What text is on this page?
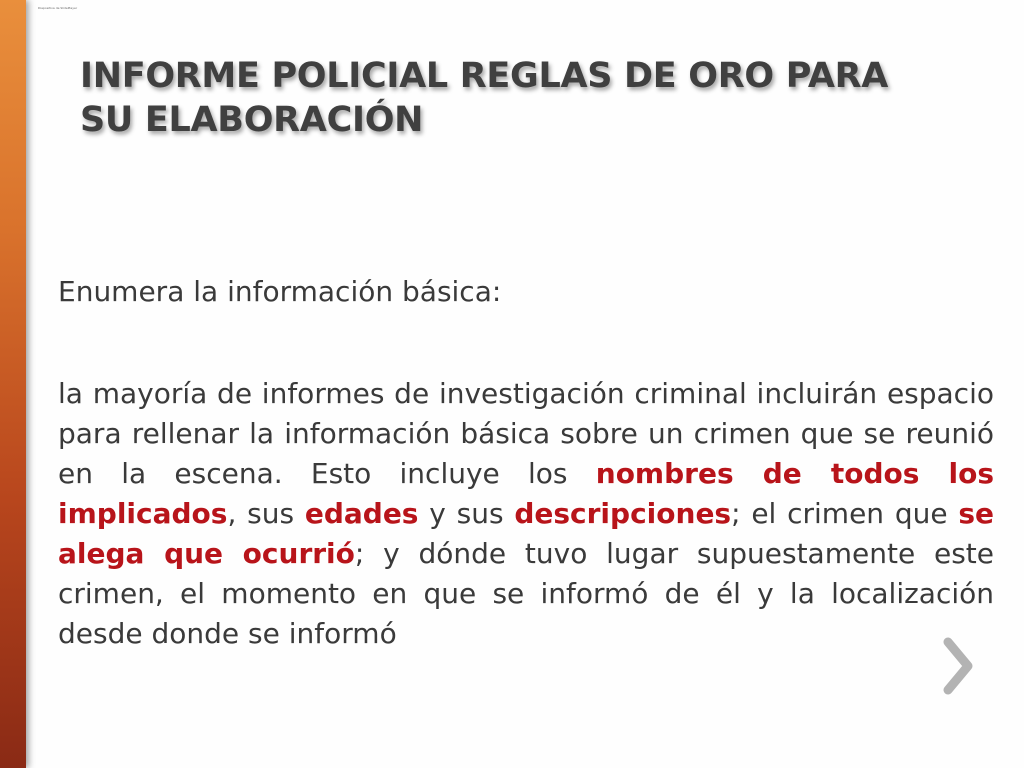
Diapositiva de SlidePlayer
INFORME POLICIAL REGLAS DE ORO PARA
SU ELABORACIÓN

Enumera la información básica:

la mayoría de informes de investigación criminal incluirán espacio para rellenar la información básica sobre un crimen que se reunió en la escena. Esto incluye los nombres de todos los implicados, sus edades y sus descripciones; el crimen que se alega que ocurrió; y dónde tuvo lugar supuestamente este crimen, el momento en que se informó de él y la localización desde donde se informó
